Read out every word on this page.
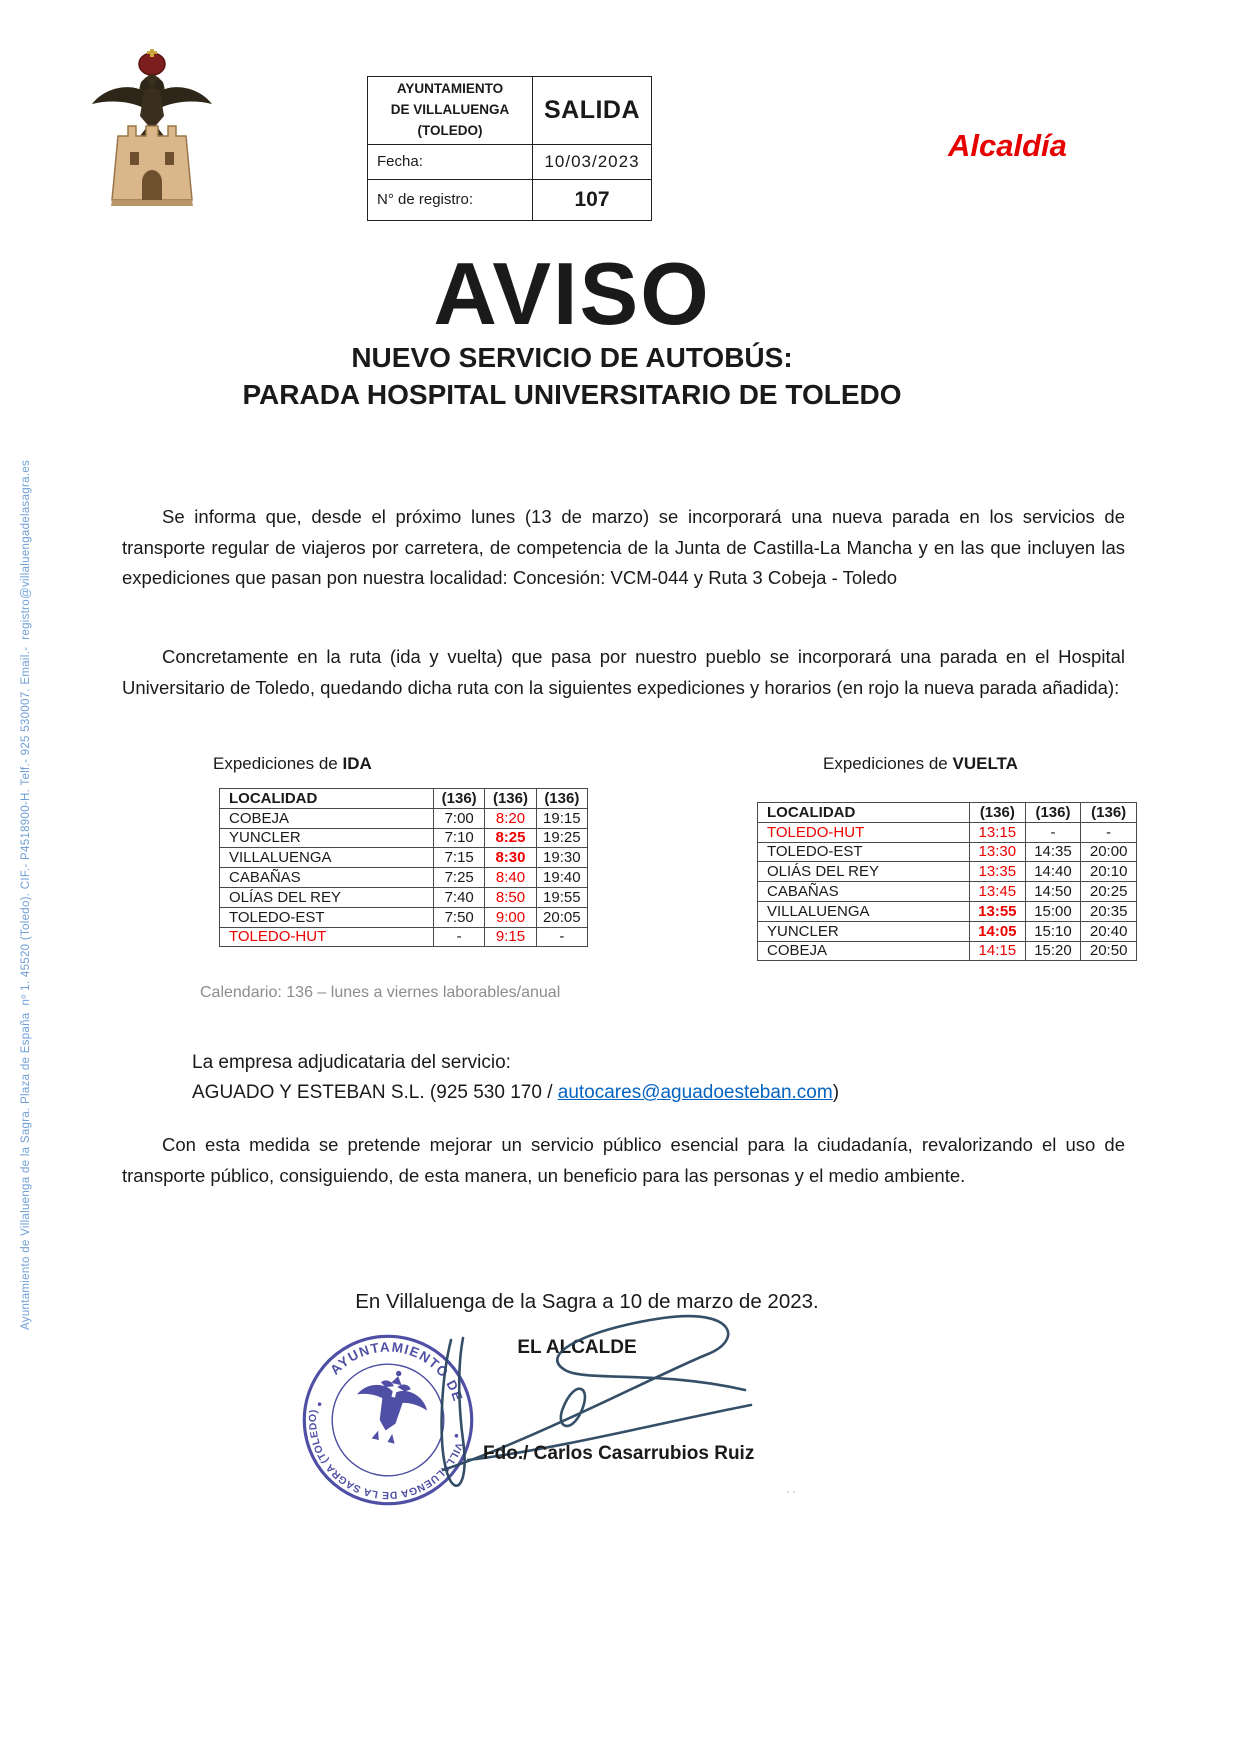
Ayuntamiento de Villaluenga de la Sagra. Plaza de España  nº 1. 45520 (Toledo). CIF.- P4518900-H. Telf.- 925 530007. Email.-  registro@villaluengadelasagra.es
AYUNTAMIENTO
DE VILLALUENGA
(TOLEDO)	SALIDA
Fecha:	10/03/2023
N° de registro:	107
Alcaldía
AVISO
NUEVO SERVICIO DE AUTOBÚS:
PARADA HOSPITAL UNIVERSITARIO DE TOLEDO
Se informa que, desde el próximo lunes (13 de marzo) se incorporará una nueva parada en los servicios de transporte regular de viajeros por carretera, de competencia de la Junta de Castilla-La Mancha y en las que incluyen las expediciones que pasan pon nuestra localidad: Concesión: VCM-044 y Ruta 3 Cobeja - Toledo
Concretamente en la ruta (ida y vuelta) que pasa por nuestro pueblo se incorporará una parada en el Hospital Universitario de Toledo, quedando dicha ruta con la siguientes expediciones y horarios (en rojo la nueva parada añadida):
Expediciones de IDA	Expediciones de VUELTA
LOCALIDAD	(136)	(136)	(136)
COBEJA	7:00	8:20	19:15
YUNCLER	7:10	8:25	19:25
VILLALUENGA	7:15	8:30	19:30
CABAÑAS	7:25	8:40	19:40
OLÍAS DEL REY	7:40	8:50	19:55
TOLEDO-EST	7:50	9:00	20:05
TOLEDO-HUT	-	9:15	-
LOCALIDAD	(136)	(136)	(136)
TOLEDO-HUT	13:15	-	-
TOLEDO-EST	13:30	14:35	20:00
OLIÁS DEL REY	13:35	14:40	20:10
CABAÑAS	13:45	14:50	20:25
VILLALUENGA	13:55	15:00	20:35
YUNCLER	14:05	15:10	20:40
COBEJA	14:15	15:20	20:50
Calendario: 136 – lunes a viernes laborables/anual
La empresa adjudicataria del servicio:
AGUADO Y ESTEBAN S.L. (925 530 170 / autocares@aguadoesteban.com)
Con esta medida se pretende mejorar un servicio público esencial para la ciudadanía, revalorizando el uso de transporte público, consiguiendo, de esta manera, un beneficio para las personas y el medio ambiente.
En Villaluenga de la Sagra a 10 de marzo de 2023.
EL ALCALDE
AYUNTAMIENTO DE
VILLALUENGA DE LA SAGRA (TOLEDO)
Fdo./ Carlos Casarrubios Ruiz
··
